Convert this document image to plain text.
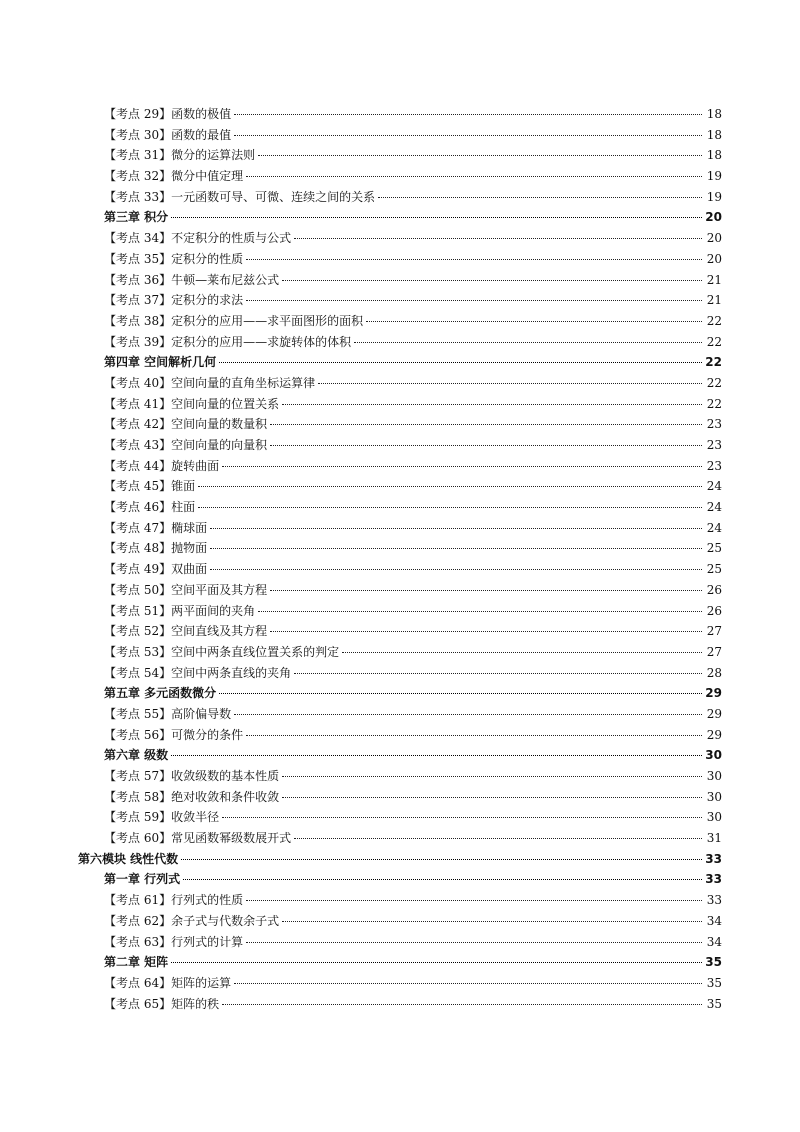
【考点 29】函数的极值	18
【考点 30】函数的最值	18
【考点 31】微分的运算法则	18
【考点 32】微分中值定理	19
【考点 33】一元函数可导、可微、连续之间的关系	19
第三章 积分	20
【考点 34】不定积分的性质与公式	20
【考点 35】定积分的性质	20
【考点 36】牛顿—莱布尼兹公式	21
【考点 37】定积分的求法	21
【考点 38】定积分的应用——求平面图形的面积	22
【考点 39】定积分的应用——求旋转体的体积	22
第四章 空间解析几何	22
【考点 40】空间向量的直角坐标运算律	22
【考点 41】空间向量的位置关系	22
【考点 42】空间向量的数量积	23
【考点 43】空间向量的向量积	23
【考点 44】旋转曲面	23
【考点 45】锥面	24
【考点 46】柱面	24
【考点 47】椭球面	24
【考点 48】抛物面	25
【考点 49】双曲面	25
【考点 50】空间平面及其方程	26
【考点 51】两平面间的夹角	26
【考点 52】空间直线及其方程	27
【考点 53】空间中两条直线位置关系的判定	27
【考点 54】空间中两条直线的夹角	28
第五章 多元函数微分	29
【考点 55】高阶偏导数	29
【考点 56】可微分的条件	29
第六章 级数	30
【考点 57】收敛级数的基本性质	30
【考点 58】绝对收敛和条件收敛	30
【考点 59】收敛半径	30
【考点 60】常见函数幂级数展开式	31
第六模块 线性代数	33
第一章 行列式	33
【考点 61】行列式的性质	33
【考点 62】余子式与代数余子式	34
【考点 63】行列式的计算	34
第二章 矩阵	35
【考点 64】矩阵的运算	35
【考点 65】矩阵的秩	35
